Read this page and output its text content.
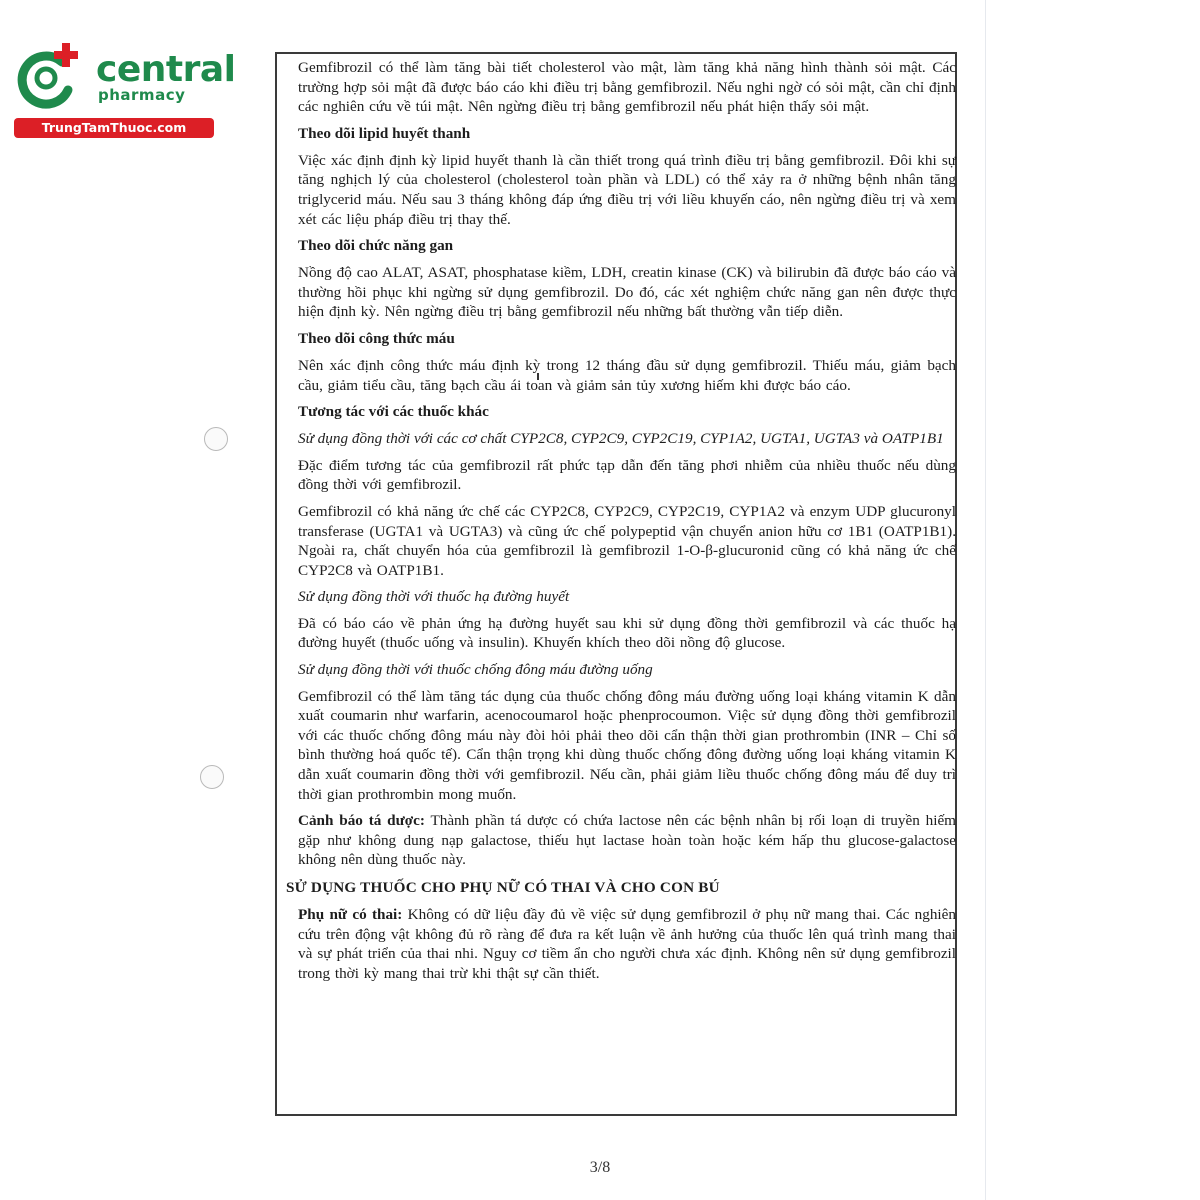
central

pharmacy
TrungTamThuoc.com

Gemfibrozil có thể làm tăng bài tiết cholesterol vào mật, làm tăng khả năng hình thành sỏi mật. Các trường hợp sỏi mật đã được báo cáo khi điều trị bằng gemfibrozil. Nếu nghi ngờ có sỏi mật, cần chỉ định các nghiên cứu về túi mật. Nên ngừng điều trị bằng gemfibrozil nếu phát hiện thấy sỏi mật.

Theo dõi lipid huyết thanh

Việc xác định định kỳ lipid huyết thanh là cần thiết trong quá trình điều trị bằng gemfibrozil. Đôi khi sự tăng nghịch lý của cholesterol (cholesterol toàn phần và LDL) có thể xảy ra ở những bệnh nhân tăng triglycerid máu. Nếu sau 3 tháng không đáp ứng điều trị với liều khuyến cáo, nên ngừng điều trị và xem xét các liệu pháp điều trị thay thế.

Theo dõi chức năng gan

Nồng độ cao ALAT, ASAT, phosphatase kiềm, LDH, creatin kinase (CK) và bilirubin đã được báo cáo và thường hồi phục khi ngừng sử dụng gemfibrozil. Do đó, các xét nghiệm chức năng gan nên được thực hiện định kỳ. Nên ngừng điều trị bằng gemfibrozil nếu những bất thường vẫn tiếp diễn.

Theo dõi công thức máu

Nên xác định công thức máu định kỳ trong 12 tháng đầu sử dụng gemfibrozil. Thiếu máu, giảm bạch cầu, giảm tiểu cầu, tăng bạch cầu ái toan và giảm sản tủy xương hiếm khi được báo cáo.

Tương tác với các thuốc khác

Sử dụng đồng thời với các cơ chất CYP2C8, CYP2C9, CYP2C19, CYP1A2, UGTA1, UGTA3 và OATP1B1

Đặc điểm tương tác của gemfibrozil rất phức tạp dẫn đến tăng phơi nhiễm của nhiều thuốc nếu dùng đồng thời với gemfibrozil.

Gemfibrozil có khả năng ức chế các CYP2C8, CYP2C9, CYP2C19, CYP1A2 và enzym UDP glucuronyl transferase (UGTA1 và UGTA3) và cũng ức chế polypeptid vận chuyển anion hữu cơ 1B1 (OATP1B1). Ngoài ra, chất chuyển hóa của gemfibrozil là gemfibrozil 1-O-β-glucuronid cũng có khả năng ức chế CYP2C8 và OATP1B1.

Sử dụng đồng thời với thuốc hạ đường huyết

Đã có báo cáo về phản ứng hạ đường huyết sau khi sử dụng đồng thời gemfibrozil và các thuốc hạ đường huyết (thuốc uống và insulin). Khuyến khích theo dõi nồng độ glucose.

Sử dụng đồng thời với thuốc chống đông máu đường uống

Gemfibrozil có thể làm tăng tác dụng của thuốc chống đông máu đường uống loại kháng vitamin K dẫn xuất coumarin như warfarin, acenocoumarol hoặc phenprocoumon. Việc sử dụng đồng thời gemfibrozil với các thuốc chống đông máu này đòi hỏi phải theo dõi cẩn thận thời gian prothrombin (INR – Chỉ số bình thường hoá quốc tế). Cẩn thận trọng khi dùng thuốc chống đông đường uống loại kháng vitamin K dẫn xuất coumarin đồng thời với gemfibrozil. Nếu cần, phải giảm liều thuốc chống đông máu để duy trì thời gian prothrombin mong muốn.

Cảnh báo tá dược: Thành phần tá dược có chứa lactose nên các bệnh nhân bị rối loạn di truyền hiếm gặp như không dung nạp galactose, thiếu hụt lactase hoàn toàn hoặc kém hấp thu glucose-galactose không nên dùng thuốc này.

SỬ DỤNG THUỐC CHO PHỤ NỮ CÓ THAI VÀ CHO CON BÚ

Phụ nữ có thai: Không có dữ liệu đầy đủ về việc sử dụng gemfibrozil ở phụ nữ mang thai. Các nghiên cứu trên động vật không đủ rõ ràng để đưa ra kết luận về ảnh hưởng của thuốc lên quá trình mang thai và sự phát triển của thai nhi. Nguy cơ tiềm ẩn cho người chưa xác định. Không nên sử dụng gemfibrozil trong thời kỳ mang thai trừ khi thật sự cần thiết.

3/8
